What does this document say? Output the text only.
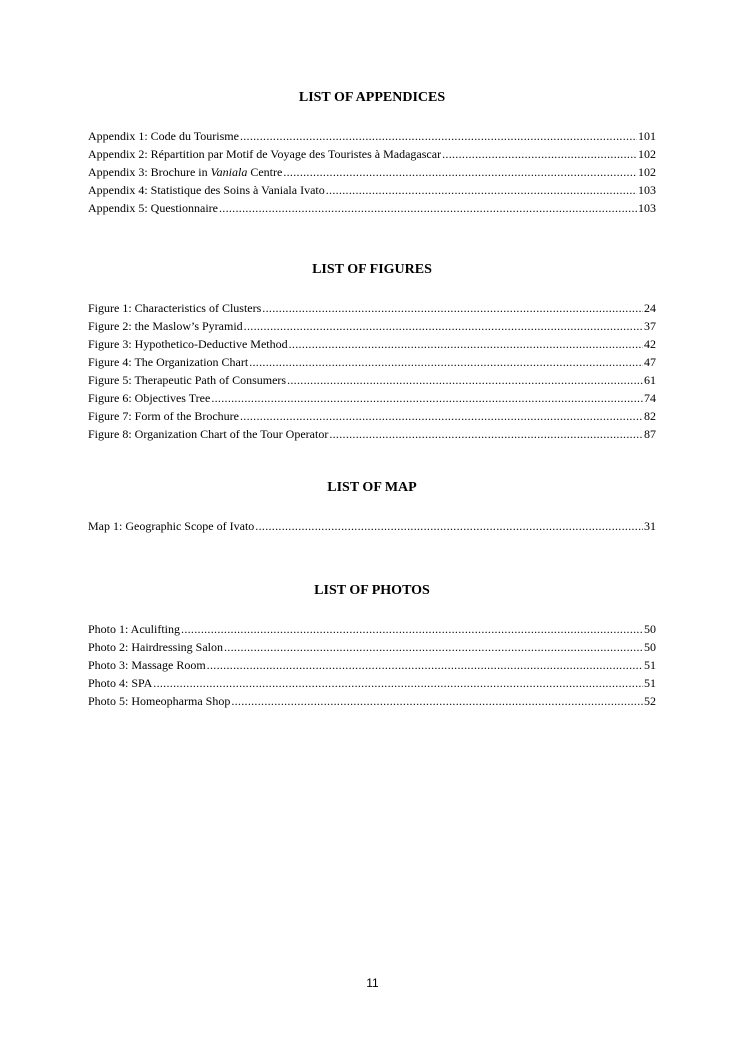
LIST OF APPENDICES
Appendix 1: Code du Tourisme .....	101
Appendix 2: Répartition par Motif de Voyage des Touristes à Madagascar .....	102
Appendix 3: Brochure in Vaniala Centre .....	102
Appendix 4: Statistique des Soins à Vaniala Ivato .....	103
Appendix 5: Questionnaire .....	103
LIST OF FIGURES
Figure 1: Characteristics of Clusters .....	24
Figure 2: the Maslow’s Pyramid .....	37
Figure 3: Hypothetico-Deductive Method .....	42
Figure 4: The Organization Chart .....	47
Figure 5: Therapeutic Path of Consumers .....	61
Figure 6: Objectives Tree .....	74
Figure 7: Form of the Brochure .....	82
Figure 8: Organization Chart of the Tour Operator .....	87
LIST OF MAP
Map 1: Geographic Scope of Ivato .....	31
LIST OF PHOTOS
Photo 1: Aculifting .....	50
Photo 2: Hairdressing Salon .....	50
Photo 3: Massage Room .....	51
Photo 4: SPA .....	51
Photo 5: Homeopharma Shop .....	52
11
